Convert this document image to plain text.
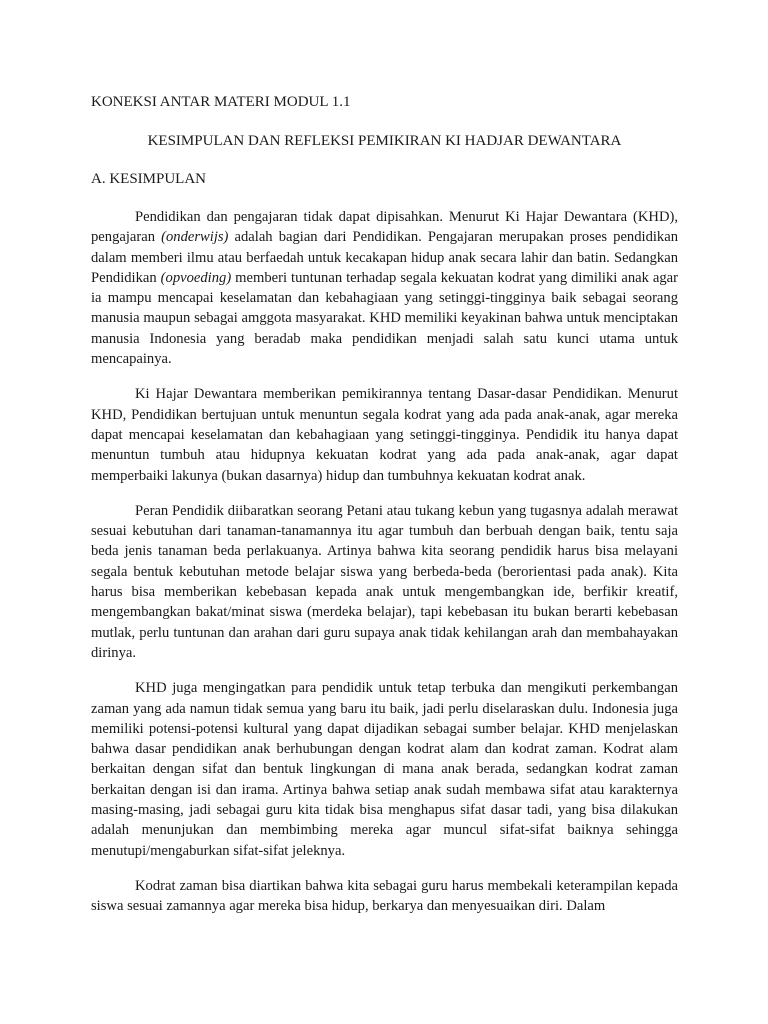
KONEKSI ANTAR MATERI MODUL 1.1

KESIMPULAN DAN REFLEKSI PEMIKIRAN KI HADJAR DEWANTARA

A. KESIMPULAN

Pendidikan dan pengajaran tidak dapat dipisahkan. Menurut Ki Hajar Dewantara (KHD), pengajaran (onderwijs) adalah bagian dari Pendidikan. Pengajaran merupakan proses pendidikan dalam memberi ilmu atau berfaedah untuk kecakapan hidup anak secara lahir dan batin. Sedangkan Pendidikan (opvoeding) memberi tuntunan terhadap segala kekuatan kodrat yang dimiliki anak agar ia mampu mencapai keselamatan dan kebahagiaan yang setinggi-tingginya baik sebagai seorang manusia maupun sebagai amggota masyarakat. KHD memiliki keyakinan bahwa untuk menciptakan manusia Indonesia yang beradab maka pendidikan menjadi salah satu kunci utama untuk mencapainya.

Ki Hajar Dewantara memberikan pemikirannya tentang Dasar-dasar Pendidikan. Menurut KHD, Pendidikan bertujuan untuk menuntun segala kodrat yang ada pada anak-anak, agar mereka dapat mencapai keselamatan dan kebahagiaan yang setinggi-tingginya. Pendidik itu hanya dapat menuntun tumbuh atau hidupnya kekuatan kodrat yang ada pada anak-anak, agar dapat memperbaiki lakunya (bukan dasarnya) hidup dan tumbuhnya kekuatan kodrat anak.

Peran Pendidik diibaratkan seorang Petani atau tukang kebun yang tugasnya adalah merawat sesuai kebutuhan dari tanaman-tanamannya itu agar tumbuh dan berbuah dengan baik, tentu saja beda jenis tanaman beda perlakuanya. Artinya bahwa kita seorang pendidik harus bisa melayani segala bentuk kebutuhan metode belajar siswa yang berbeda-beda (berorientasi pada anak). Kita harus bisa memberikan kebebasan kepada anak untuk mengembangkan ide, berfikir kreatif, mengembangkan bakat/minat siswa (merdeka belajar), tapi kebebasan itu bukan berarti kebebasan mutlak, perlu tuntunan dan arahan dari guru supaya anak tidak kehilangan arah dan membahayakan dirinya.

KHD juga mengingatkan para pendidik untuk tetap terbuka dan mengikuti perkembangan zaman yang ada namun tidak semua yang baru itu baik, jadi perlu diselaraskan dulu. Indonesia juga memiliki potensi-potensi kultural yang dapat dijadikan sebagai sumber belajar. KHD menjelaskan bahwa dasar pendidikan anak berhubungan dengan kodrat alam dan kodrat zaman. Kodrat alam berkaitan dengan sifat dan bentuk lingkungan di mana anak berada, sedangkan kodrat zaman berkaitan dengan isi dan irama. Artinya bahwa setiap anak sudah membawa sifat atau karakternya masing-masing, jadi sebagai guru kita tidak bisa menghapus sifat dasar tadi, yang bisa dilakukan adalah menunjukan dan membimbing mereka agar muncul sifat-sifat baiknya sehingga menutupi/mengaburkan sifat-sifat jeleknya.

Kodrat zaman bisa diartikan bahwa kita sebagai guru harus membekali keterampilan kepada siswa sesuai zamannya agar mereka bisa hidup, berkarya dan menyesuaikan diri. Dalam
